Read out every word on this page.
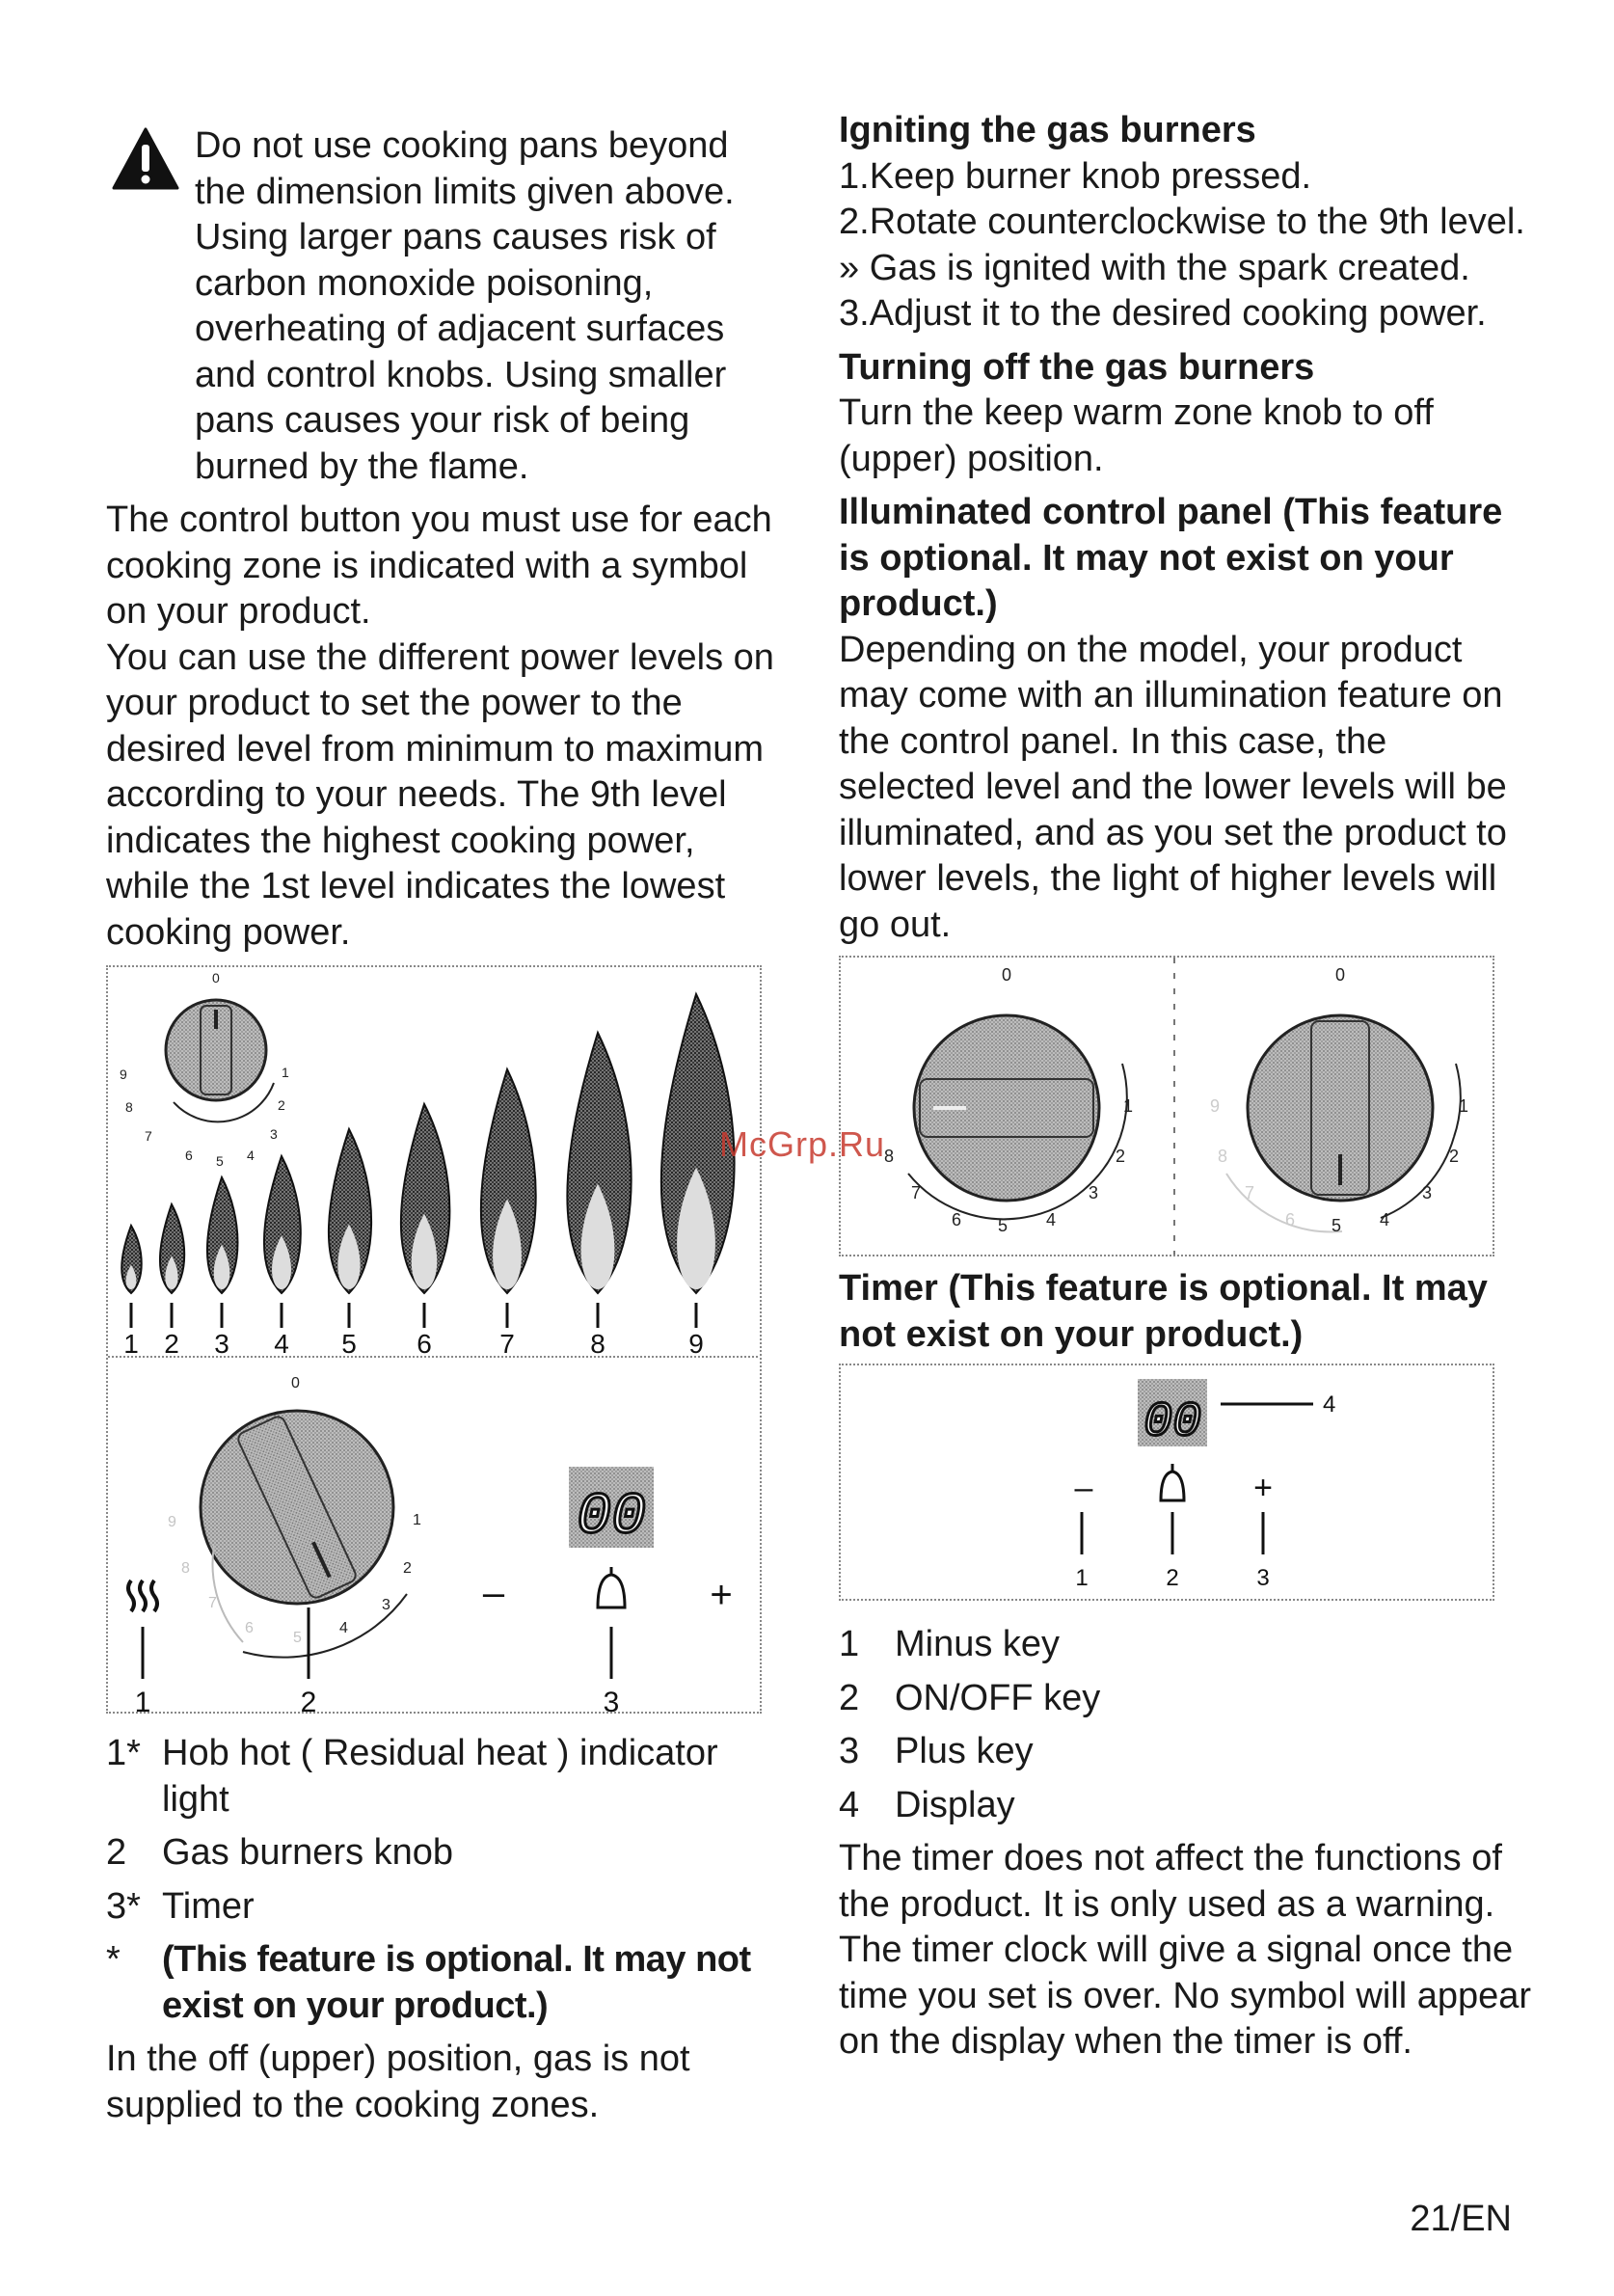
Do not use cooking pans beyond the dimension limits given above. Using larger pans causes risk of carbon monoxide poisoning, overheating of adjacent surfaces and control knobs. Using smaller pans causes your risk of being burned by the flame.

The control button you must use for each cooking zone is indicated with a symbol on your product.

You can use the different power levels on your product to set the power to the desired level from minimum to maximum according to your needs. The 9th level indicates the highest cooking power, while the 1st level indicates the lowest cooking power.

0
1
2
3
4
5
6
7
8
9
1 2 3 4 5 6	7	8	9
0
1
2
3
4
5
6
7
8
9	00
–	+
1	2	3
1* Hob hot ( Residual heat ) indicator light
2 Gas burners knob
3* Timer
*	(This feature is optional. It may not exist on your product.)

In the off (upper) position, gas is not supplied to the cooking zones.

Igniting the gas burners
1.Keep burner knob pressed.
2.Rotate counterclockwise to the 9th level.
» Gas is ignited with the spark created.
3.Adjust it to the desired cooking power.
Turning off the gas burners

Turn the keep warm zone knob to off (upper) position.

Illuminated control panel (This feature is optional. It may not exist on your product.)

Depending on the model, your product may come with an illumination feature on the control panel. In this case, the selected level and the lower levels will be illuminated, and as you set the product to lower levels, the light of higher levels will go out.

0
1
2
3
4
5
6
7
8
0
1
2
3
4
5
6
7
8
9
Timer (This feature is optional. It may not exist on your product.)
00	4
–	+
1	2	3
1 Minus key
2 ON/OFF key
3 Plus key
4 Display

The timer does not affect the functions of the product. It is only used as a warning. The timer clock will give a signal once the time you set is over. No symbol will appear on the display when the timer is off.

McGrp.Ru
21/EN
